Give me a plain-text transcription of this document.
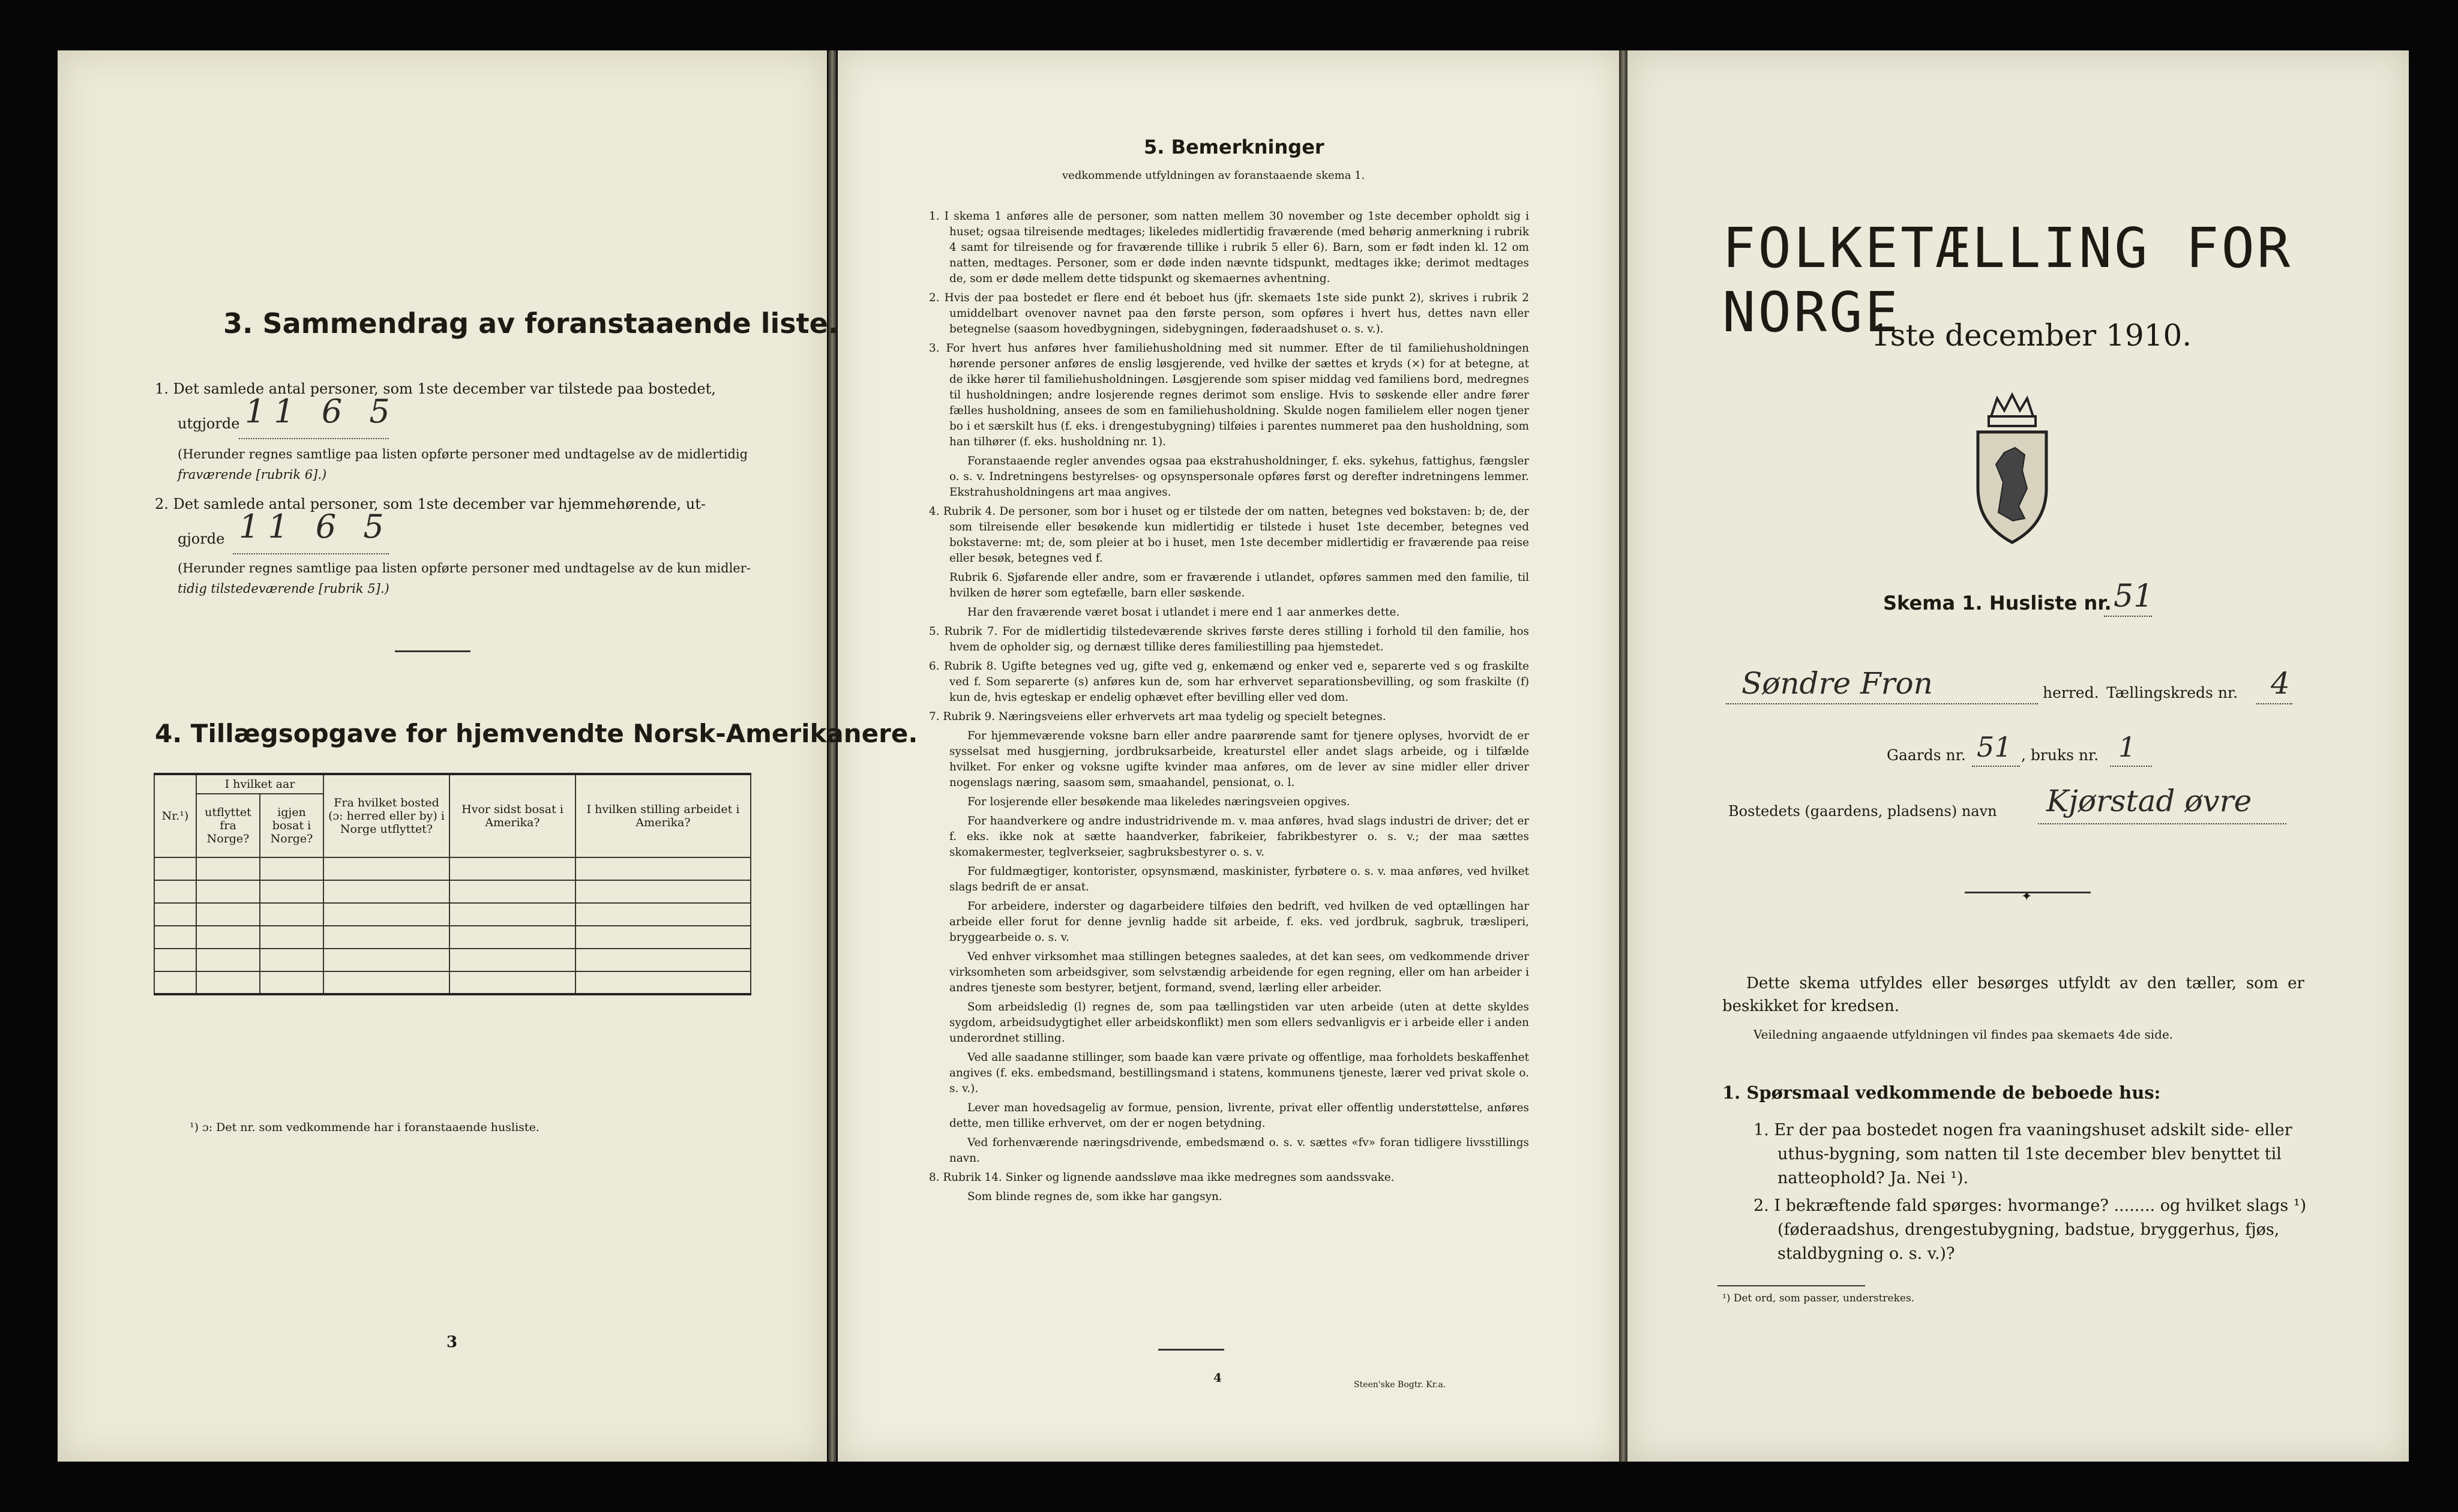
3. Sammendrag av foranstaaende liste.
1. Det samlede antal personer, som 1ste december var tilstede paa bostedet,
utgjorde 11 6 5
(Herunder regnes samtlige paa listen opførte personer med undtagelse av de midlertidig
fraværende [rubrik 6].)
2. Det samlede antal personer, som 1ste december var hjemmehørende, ut-
gjorde 11 6 5
(Herunder regnes samtlige paa listen opførte personer med undtagelse av de kun midler-
tidig tilstedeværende [rubrik 5].)
4. Tillægsopgave for hjemvendte Norsk-Amerikanere.
Nr.¹)	I hvilket aar		Fra hvilket bosted (ɔ: herred eller by) i Norge utflyttet?	Hvor sidst bosat i Amerika?	I hvilken stilling arbeidet i Amerika?
	utflyttet fra Norge?	igjen bosat i Norge?			

¹) ɔ: Det nr. som vedkommende har i foranstaaende husliste.
3
5. Bemerkninger
vedkommende utfyldningen av foranstaaende skema 1.

1. I skema 1 anføres alle de personer, som natten mellem 30 november og 1ste december opholdt sig i huset; ogsaa tilreisende medtages; likeledes midlertidig fraværende (med behørig anmerkning i rubrik 4 samt for tilreisende og for fraværende tillike i rubrik 5 eller 6). Barn, som er født inden kl. 12 om natten, medtages. Personer, som er døde inden nævnte tidspunkt, medtages ikke; derimot medtages de, som er døde mellem dette tidspunkt og skemaernes avhentning.

2. Hvis der paa bostedet er flere end ét beboet hus (jfr. skemaets 1ste side punkt 2), skrives i rubrik 2 umiddelbart ovenover navnet paa den første person, som opføres i hvert hus, dettes navn eller betegnelse (saasom hovedbygningen, sidebygningen, føderaadshuset o. s. v.).

3. For hvert hus anføres hver familiehusholdning med sit nummer. Efter de til familiehusholdningen hørende personer anføres de enslig løsgjerende, ved hvilke der sættes et kryds (×) for at betegne, at de ikke hører til familiehusholdningen. Løsgjerende som spiser middag ved familiens bord, medregnes til husholdningen; andre losjerende regnes derimot som enslige. Hvis to søskende eller andre fører fælles husholdning, ansees de som en familiehusholdning. Skulde nogen familielem eller nogen tjener bo i et særskilt hus (f. eks. i drengestubygning) tilføies i parentes nummeret paa den husholdning, som han tilhører (f. eks. husholdning nr. 1).

Foranstaaende regler anvendes ogsaa paa ekstrahusholdninger, f. eks. sykehus, fattighus, fængsler o. s. v. Indretningens bestyrelses- og opsynspersonale opføres først og derefter indretningens lemmer. Ekstrahusholdningens art maa angives.

4. Rubrik 4. De personer, som bor i huset og er tilstede der om natten, betegnes ved bokstaven: b; de, der som tilreisende eller besøkende kun midlertidig er tilstede i huset 1ste december, betegnes ved bokstaverne: mt; de, som pleier at bo i huset, men 1ste december midlertidig er fraværende paa reise eller besøk, betegnes ved f.

Rubrik 6. Sjøfarende eller andre, som er fraværende i utlandet, opføres sammen med den familie, til hvilken de hører som egtefælle, barn eller søskende.

Har den fraværende været bosat i utlandet i mere end 1 aar anmerkes dette.

5. Rubrik 7. For de midlertidig tilstedeværende skrives første deres stilling i forhold til den familie, hos hvem de opholder sig, og dernæst tillike deres familiestilling paa hjemstedet.

6. Rubrik 8. Ugifte betegnes ved ug, gifte ved g, enkemænd og enker ved e, separerte ved s og fraskilte ved f. Som separerte (s) anføres kun de, som har erhvervet separationsbevilling, og som fraskilte (f) kun de, hvis egteskap er endelig ophævet efter bevilling eller ved dom.

7. Rubrik 9. Næringsveiens eller erhvervets art maa tydelig og specielt betegnes.

For hjemmeværende voksne barn eller andre paarørende samt for tjenere oplyses, hvorvidt de er sysselsat med husgjerning, jordbruksarbeide, kreaturstel eller andet slags arbeide, og i tilfælde hvilket. For enker og voksne ugifte kvinder maa anføres, om de lever av sine midler eller driver nogenslags næring, saasom søm, smaahandel, pensionat, o. l.

For losjerende eller besøkende maa likeledes næringsveien opgives.

For haandverkere og andre industridrivende m. v. maa anføres, hvad slags industri de driver; det er f. eks. ikke nok at sætte haandverker, fabrikeier, fabrikbestyrer o. s. v.; der maa sættes skomakermester, teglverkseier, sagbruksbestyrer o. s. v.

For fuldmægtiger, kontorister, opsynsmænd, maskinister, fyrbøtere o. s. v. maa anføres, ved hvilket slags bedrift de er ansat.

For arbeidere, inderster og dagarbeidere tilføies den bedrift, ved hvilken de ved optællingen har arbeide eller forut for denne jevnlig hadde sit arbeide, f. eks. ved jordbruk, sagbruk, træsliperi, bryggearbeide o. s. v.

Ved enhver virksomhet maa stillingen betegnes saaledes, at det kan sees, om vedkommende driver virksomheten som arbeidsgiver, som selvstændig arbeidende for egen regning, eller om han arbeider i andres tjeneste som bestyrer, betjent, formand, svend, lærling eller arbeider.

Som arbeidsledig (l) regnes de, som paa tællingstiden var uten arbeide (uten at dette skyldes sygdom, arbeidsudygtighet eller arbeidskonflikt) men som ellers sedvanligvis er i arbeide eller i anden underordnet stilling.

Ved alle saadanne stillinger, som baade kan være private og offentlige, maa forholdets beskaffenhet angives (f. eks. embedsmand, bestillingsmand i statens, kommunens tjeneste, lærer ved privat skole o. s. v.).

Lever man hovedsagelig av formue, pension, livrente, privat eller offentlig understøttelse, anføres dette, men tillike erhvervet, om der er nogen betydning.

Ved forhenværende næringsdrivende, embedsmænd o. s. v. sættes «fv» foran tidligere livsstillings navn.

8. Rubrik 14. Sinker og lignende aandssløve maa ikke medregnes som aandssvake.

Som blinde regnes de, som ikke har gangsyn.

4	Steen'ske Bogtr. Kr.a.
FOLKETÆLLING FOR NORGE
1ste december 1910.
Skema 1. Husliste nr. 51
Søndre Fron	herred. Tællingskreds nr. 4
Gaards nr. 51 , bruks nr. 1
Bostedets (gaardens, pladsens) navn Kjørstad øvre
✦
Dette skema utfyldes eller besørges utfyldt av den tæller, som er beskikket for kredsen.
Veiledning angaaende utfyldningen vil findes paa skemaets 4de side.
1. Spørsmaal vedkommende de beboede hus:
1. Er der paa bostedet nogen fra vaaningshuset adskilt side- eller uthus-bygning, som natten til 1ste december blev benyttet til natteophold? Ja. Nei ¹).
2. I bekræftende fald spørges: hvormange? ........ og hvilket slags ¹) (føderaadshus, drengestubygning, badstue, bryggerhus, fjøs, staldbygning o. s. v.)?
¹) Det ord, som passer, understrekes.
